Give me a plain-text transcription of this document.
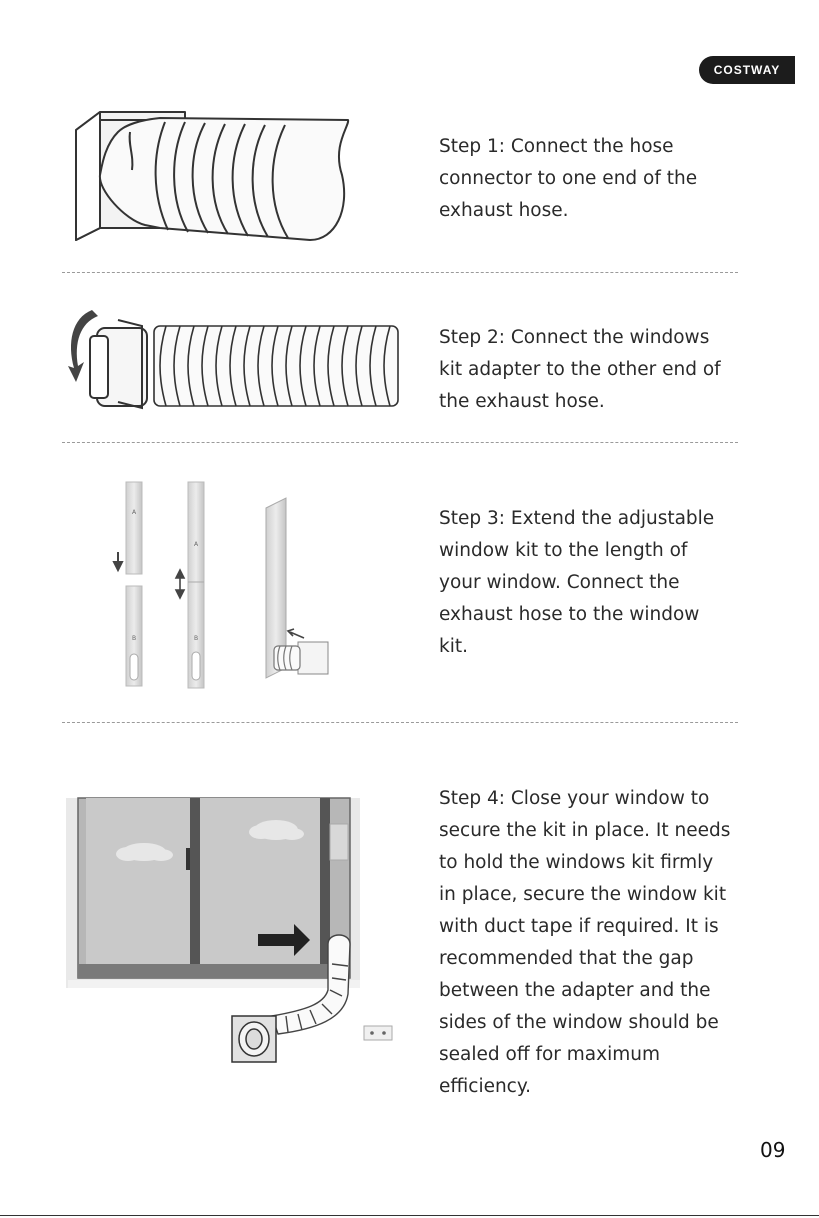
COSTWAY
Step 1: Connect the hose
connector to one end of the
exhaust hose.
Step 2: Connect the windows
kit adapter to the other end of
the exhaust hose.
A
B
A
B
Step 3: Extend the adjustable
window kit to the length of
your window. Connect the
exhaust hose to the window
kit.
Step 4: Close your window to
secure the kit in place. It needs
to hold the windows kit firmly
in place, secure the window kit
with duct tape if required. It is
recommended that the gap
between the adapter and the
sides of the window should be
sealed off for maximum
efficiency.
09
